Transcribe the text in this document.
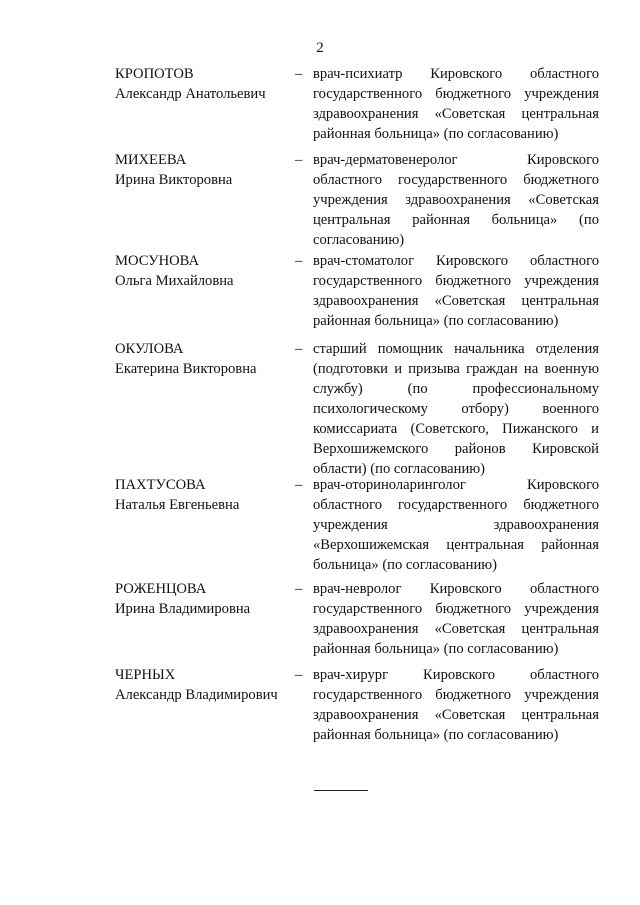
2
КРОПОТОВ
Александр Анатольевич
– врач-психиатр Кировского областного государственного бюджетного учреждения здравоохранения «Советская центральная районная больница» (по согласованию)
МИХЕЕВА
Ирина Викторовна
– врач-дерматовенеролог Кировского областного государственного бюджетного учреждения здравоохранения «Советская центральная районная больница» (по согласованию)
МОСУНОВА
Ольга Михайловна
– врач-стоматолог Кировского областного государственного бюджетного учреждения здравоохранения «Советская центральная районная больница» (по согласованию)
ОКУЛОВА
Екатерина Викторовна
– старший помощник начальника отделения (подготовки и призыва граждан на военную службу) (по профессиональному психологическому отбору) военного комиссариата (Советского, Пижанского и Верхошижемского районов Кировской области) (по согласованию)
ПАХТУСОВА
Наталья Евгеньевна
– врач-оториноларинголог Кировского областного государственного бюджетного учреждения здравоохранения «Верхошижемская центральная районная больница» (по согласованию)
РОЖЕНЦОВА
Ирина Владимировна
– врач-невролог Кировского областного государственного бюджетного учреждения здравоохранения «Советская центральная районная больница» (по согласованию)
ЧЕРНЫХ
Александр Владимирович
– врач-хирург Кировского областного государственного бюджетного учреждения здравоохранения «Советская центральная районная больница» (по согласованию)
